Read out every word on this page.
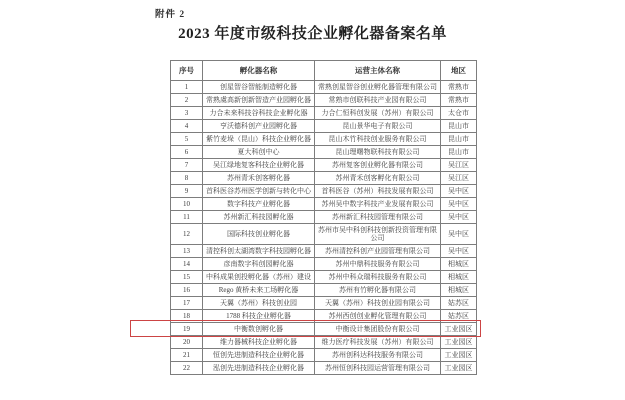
附件 2
2023 年度市级科技企业孵化器备案名单
序号	孵化器名称	运营主体名称	地区
1	创星智谷智能制造孵化器	常熟创星智谷创业孵化器管理有限公司	常熟市
2	常熟虞高新创新智造产业园孵化器	常熟市创联科技产业园有限公司	常熟市
3	力合未来科技谷科技企业孵化器	力合仁恒科创发展（苏州）有限公司	太仓市
4	亨沃德科创产业园孵化器	昆山景华电子有限公司	昆山市
5	紫竹麦垛（昆山）科技企业孵化器	昆山木竹科技创业服务有限公司	昆山市
6	夏大科创中心	昆山理曙物联科技有限公司	昆山市
7	吴江绿地复客科技企业孵化器	苏州复客创业孵化器有限公司	吴江区
8	苏州青禾创客孵化器	苏州青禾创客孵化有限公司	吴江区
9	首科医谷苏州医学创新与转化中心	首科医谷（苏州）科技发展有限公司	吴中区
10	数字科技产业孵化器	苏州吴中数字科技产业发展有限公司	吴中区
11	苏州新汇科技园孵化器	苏州新汇科技园管理有限公司	吴中区
12	国际科技创业孵化器	苏州市吴中科创科技创新投资管理有限公司	吴中区
13	清控科创太湖湾数字科技园孵化器	苏州清控科创产业园管理有限公司	吴中区
14	彦南数字科创园孵化器	苏州中鼎科技服务有限公司	相城区
15	中科成果创投孵化器（苏州）建设	苏州中科众瑞科技服务有限公司	相城区
16	Rego 黄桥未来工场孵化器	苏州有竹孵化器有限公司	相城区
17	天翼（苏州）科技创业园	天翼（苏州）科技创业园有限公司	姑苏区
18	1788 科技企业孵化器	苏州西创创业孵化管理有限公司	姑苏区
19	中衡数创孵化器	中衡设计集团股份有限公司	工业园区
20	维力器械科技企业孵化器	维力医疗科技发展（苏州）有限公司	工业园区
21	恒创先进制造科技企业孵化器	苏州创科达科技服务有限公司	工业园区
22	泓创先进制造科技企业孵化器	苏州恒创科技园运营管理有限公司	工业园区
